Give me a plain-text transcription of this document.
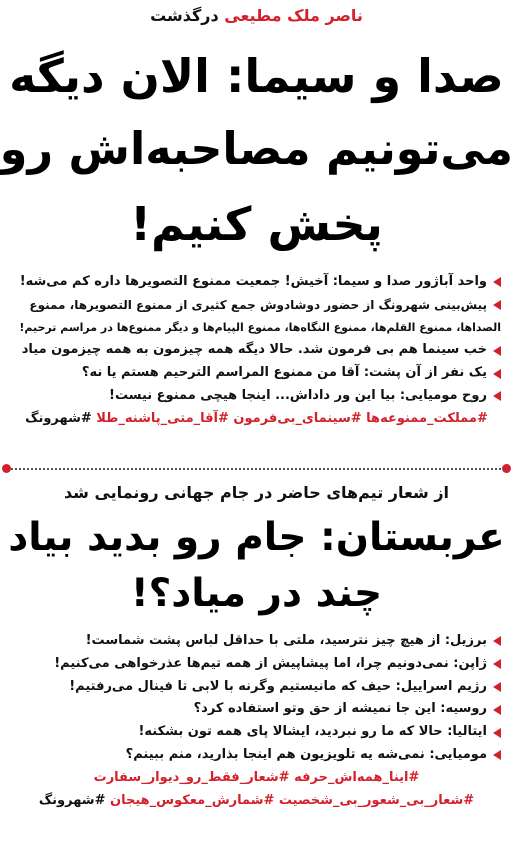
ناصر ملک مطیعی درگذشت
صدا و سیما: الان دیگه
می‌تونیم مصاحبه‌اش رو
پخش کنیم!
واحد آبا‌ژور صدا و سیما: آخیش! جمعیت ممنوع التصویرها داره کم می‌شه!
پیش‌بینی شهرونگ از حضور دوشادوش جمع کثیری از ممنوع التصویرها، ممنوع
الصداها، ممنوع القلم‌ها، ممنوع النگاه‌ها، ممنوع الپیام‌ها و دیگر ممنوع‌ها در مراسم ترحیم!
خب سینما هم بی فرمون شد. حالا دیگه همه چیزمون به همه چیزمون میاد
یک نفر از آن پشت: آقا من ممنوع المراسم الترحیم هستم یا نه؟
روح مومیایی: بیا این ور داداش... اینجا هیچی ممنوع نیست!
#مملکت_ممنوعه‌ها #سینمای_بی‌فرمون #آقا_متی_پاشنه_طلا #شهرونگ
از شعار تیم‌های حاضر در جام جهانی رونمایی شد
عربستان: جام رو بدید بیاد
چند در میاد؟!
برزیل: از هیچ چیز نترسید، ملتی با حداقل لباس پشت شماست!
ژاپن: نمی‌دونیم چرا، اما پیشاپیش از همه تیم‌ها عذرخواهی می‌کنیم!
رژیم اسراییل: حیف که مانیستیم وگرنه با لابی تا فینال می‌رفتیم!
روسیه: این جا نمیشه از حق وتو استفاده کرد؟
ایتالیا: حالا که ما رو نبردید، ایشالا پای همه تون بشکنه!
مومیایی: نمی‌شه یه تلویزیون هم اینجا بذارید، منم ببینم؟
#اینا_همه‌اش_حرفه #شعار_فقط_رو_دیوار_سفارت
#شعار_بی_شعور_بی_شخصیت #شمارش_معکوس_هیجان #شهرونگ
